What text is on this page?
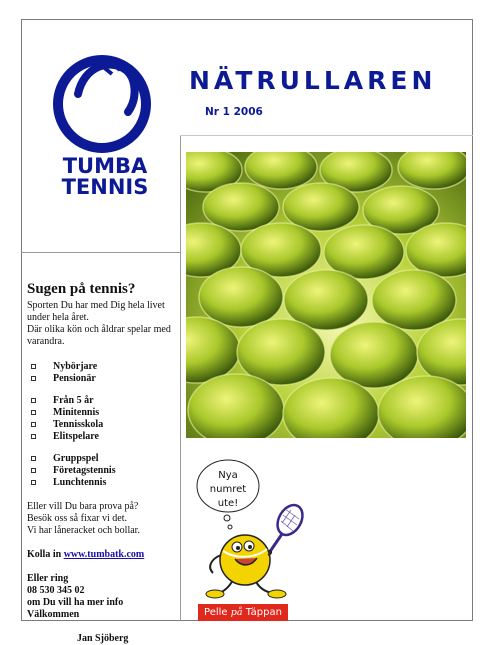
TUMBA
TENNIS
NÄTRULLAREN
Nr 1 2006
Sugen på tennis?

Sporten Du har med Dig hela livet under hela året.

Där olika kön och åldrar spelar med varandra.

Nybörjare
Pensionär
Från 5 år
Minitennis
Tennisskola
Elitspelare
Gruppspel
Företagstennis
Lunchtennis

Eller vill Du bara prova på?

Besök oss så fixar vi det.

Vi har låneracket och bollar.

Kolla in www.tumbatk.com

Eller ring

08 530 345 02

om Du vill ha mer info

Välkommen

Jan Sjöberg
Nya
numret
ute!
Pelle på Täppan
